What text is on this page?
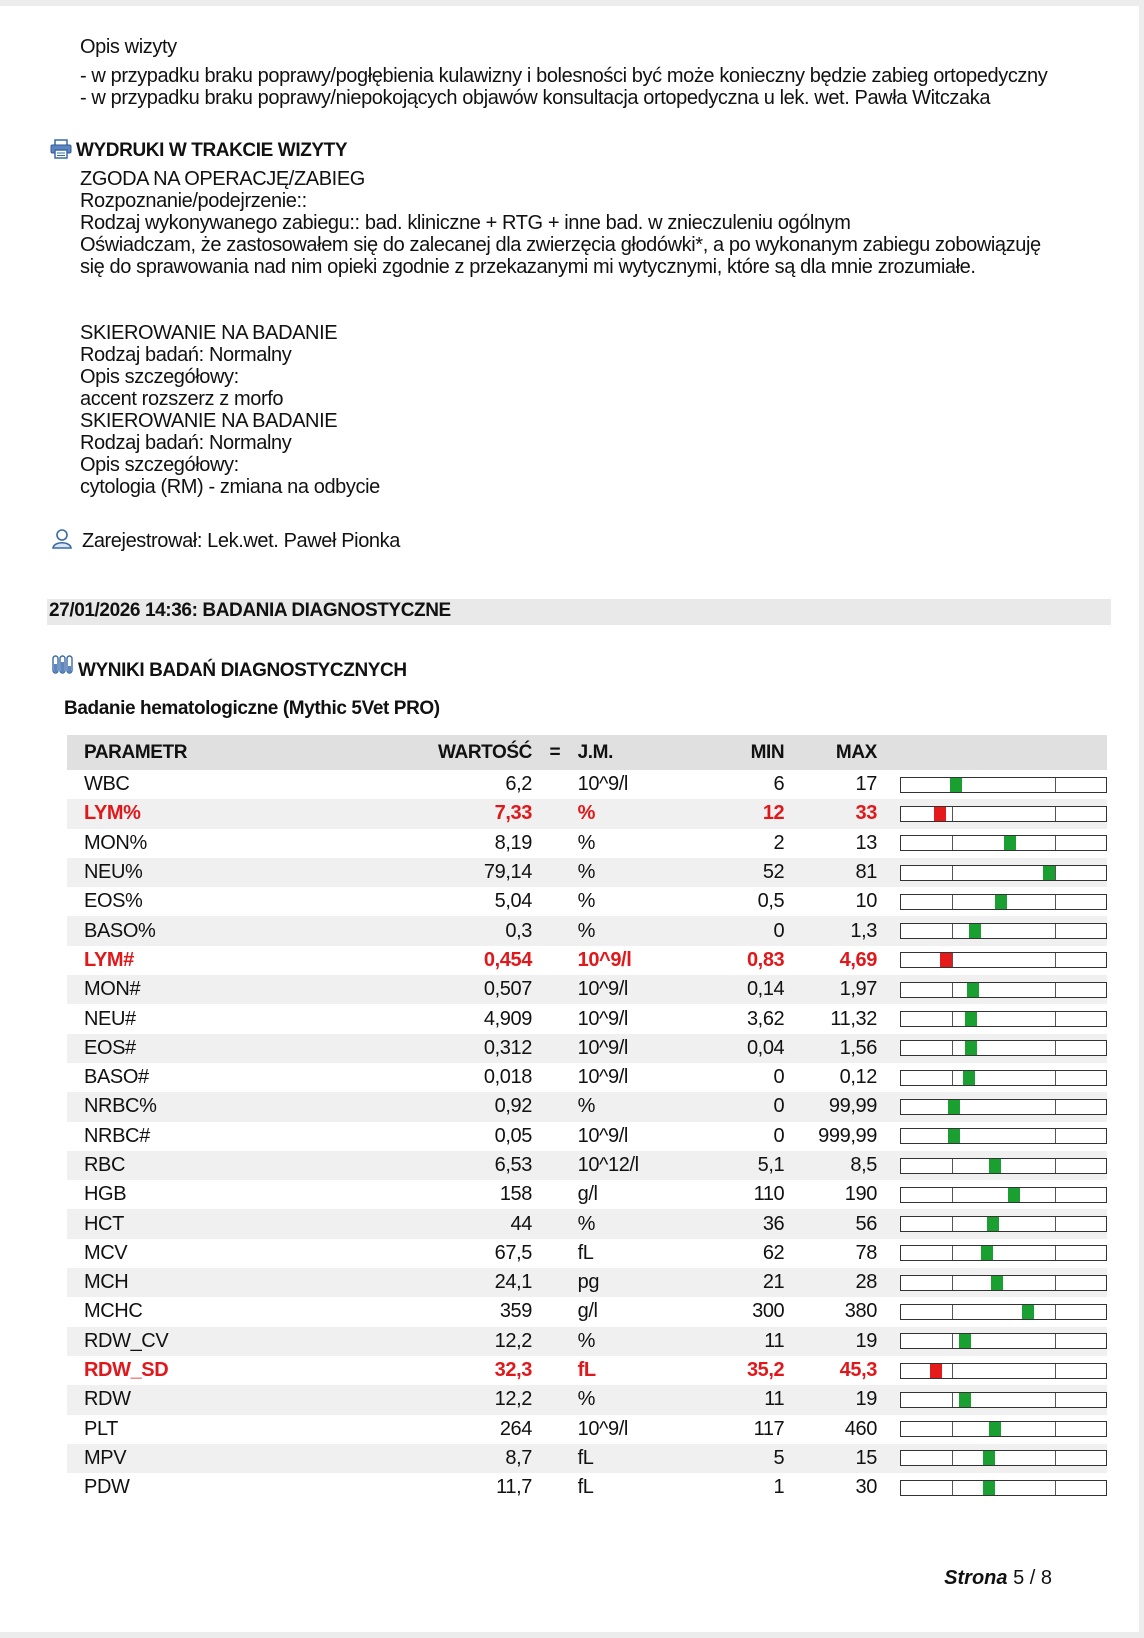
Opis wizyty
- w przypadku braku poprawy/pogłębienia kulawizny i bolesności być może konieczny będzie zabieg ortopedyczny
- w przypadku braku poprawy/niepokojących objawów konsultacja ortopedyczna u lek. wet. Pawła Witczaka
WYDRUKI W TRAKCIE WIZYTY
ZGODA NA OPERACJĘ/ZABIEG
Rozpoznanie/podejrzenie::
Rodzaj wykonywanego zabiegu:: bad. kliniczne + RTG + inne bad. w znieczuleniu ogólnym
Oświadczam, że zastosowałem się do zalecanej dla zwierzęcia głodówki*, a po wykonanym zabiegu zobowiązuję
się do sprawowania nad nim opieki zgodnie z przekazanymi mi wytycznymi, które są dla mnie zrozumiałe.
SKIEROWANIE NA BADANIE
Rodzaj badań: Normalny
Opis szczegółowy:
accent rozszerz z morfo
SKIEROWANIE NA BADANIE
Rodzaj badań: Normalny
Opis szczegółowy:
cytologia (RM) - zmiana na odbycie
Zarejestrował: Lek.wet. Paweł Pionka
27/01/2026 14:36: BADANIA DIAGNOSTYCZNE
WYNIKI BADAŃ DIAGNOSTYCZNYCH
Badanie hematologiczne (Mythic 5Vet PRO)
PARAMETR	WARTOŚĆ	=	J.M.	MIN	MAX	
WBC	6,2		10^9/l	6	17	

LYM%	7,33		%	12	33	

MON%	8,19		%	2	13	

NEU%	79,14		%	52	81	

EOS%	5,04		%	0,5	10	

BASO%	0,3		%	0	1,3	

LYM#	0,454		10^9/l	0,83	4,69	

MON#	0,507		10^9/l	0,14	1,97	

NEU#	4,909		10^9/l	3,62	11,32	

EOS#	0,312		10^9/l	0,04	1,56	

BASO#	0,018		10^9/l	0	0,12	

NRBC%	0,92		%	0	99,99	

NRBC#	0,05		10^9/l	0	999,99	

RBC	6,53		10^12/l	5,1	8,5	

HGB	158		g/l	110	190	

HCT	44		%	36	56	

MCV	67,5		fL	62	78	

MCH	24,1		pg	21	28	

MCHC	359		g/l	300	380	

RDW_CV	12,2		%	11	19	

RDW_SD	32,3		fL	35,2	45,3	

RDW	12,2		%	11	19	

PLT	264		10^9/l	117	460	

MPV	8,7		fL	5	15	

PDW	11,7		fL	1	30	
Strona 5 / 8
